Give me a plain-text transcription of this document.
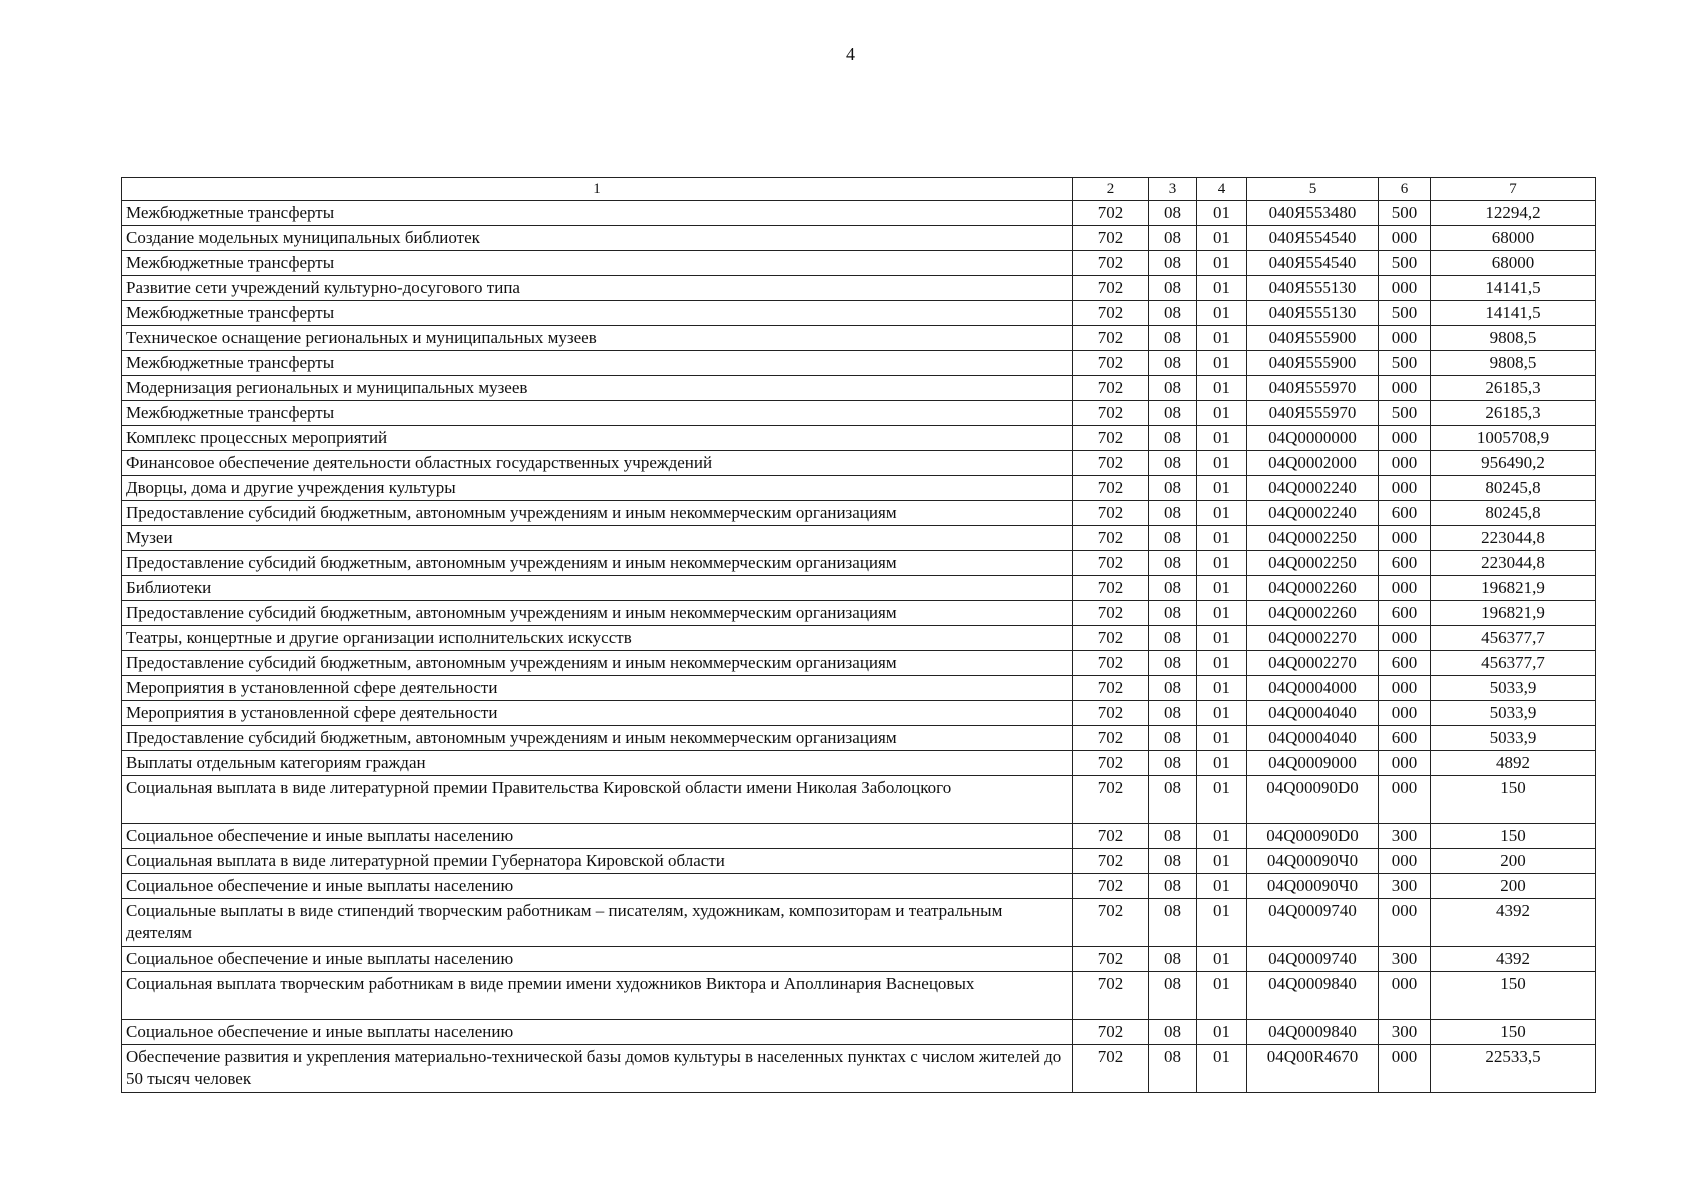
4
1	2	3	4	5	6	7
Межбюджетные трансферты	702	08	01	040Я553480	500	12294,2
Создание модельных муниципальных библиотек	702	08	01	040Я554540	000	68000
Межбюджетные трансферты	702	08	01	040Я554540	500	68000
Развитие сети учреждений культурно-досугового типа	702	08	01	040Я555130	000	14141,5
Межбюджетные трансферты	702	08	01	040Я555130	500	14141,5
Техническое оснащение региональных и муниципальных музеев	702	08	01	040Я555900	000	9808,5
Межбюджетные трансферты	702	08	01	040Я555900	500	9808,5
Модернизация региональных и муниципальных музеев	702	08	01	040Я555970	000	26185,3
Межбюджетные трансферты	702	08	01	040Я555970	500	26185,3
Комплекс процессных мероприятий	702	08	01	04Q0000000	000	1005708,9
Финансовое обеспечение деятельности областных государственных учреждений	702	08	01	04Q0002000	000	956490,2
Дворцы, дома и другие учреждения культуры	702	08	01	04Q0002240	000	80245,8
Предоставление субсидий бюджетным, автономным учреждениям и иным некоммерческим организациям	702	08	01	04Q0002240	600	80245,8
Музеи	702	08	01	04Q0002250	000	223044,8
Предоставление субсидий бюджетным, автономным учреждениям и иным некоммерческим организациям	702	08	01	04Q0002250	600	223044,8
Библиотеки	702	08	01	04Q0002260	000	196821,9
Предоставление субсидий бюджетным, автономным учреждениям и иным некоммерческим организациям	702	08	01	04Q0002260	600	196821,9
Театры, концертные и другие организации исполнительских искусств	702	08	01	04Q0002270	000	456377,7
Предоставление субсидий бюджетным, автономным учреждениям и иным некоммерческим организациям	702	08	01	04Q0002270	600	456377,7
Мероприятия в установленной сфере деятельности	702	08	01	04Q0004000	000	5033,9
Мероприятия в установленной сфере деятельности	702	08	01	04Q0004040	000	5033,9
Предоставление субсидий бюджетным, автономным учреждениям и иным некоммерческим организациям	702	08	01	04Q0004040	600	5033,9
Выплаты отдельным категориям граждан	702	08	01	04Q0009000	000	4892
Социальная выплата в виде литературной премии Правительства Кировской области имени Николая Заболоцкого	702	08	01	04Q00090D0	000	150
Социальное обеспечение и иные выплаты населению	702	08	01	04Q00090D0	300	150
Социальная выплата в виде литературной премии Губернатора Кировской области	702	08	01	04Q00090Ч0	000	200
Социальное обеспечение и иные выплаты населению	702	08	01	04Q00090Ч0	300	200
Социальные выплаты в виде стипендий творческим работникам – писателям, художникам, композиторам и театральным деятелям	702	08	01	04Q0009740	000	4392
Социальное обеспечение и иные выплаты населению	702	08	01	04Q0009740	300	4392
Социальная выплата творческим работникам в виде премии имени художников Виктора и Аполлинария Васнецовых	702	08	01	04Q0009840	000	150
Социальное обеспечение и иные выплаты населению	702	08	01	04Q0009840	300	150
Обеспечение развития и укрепления материально-технической базы домов культуры в населенных пунктах с числом жителей до 50 тысяч человек	702	08	01	04Q00R4670	000	22533,5
